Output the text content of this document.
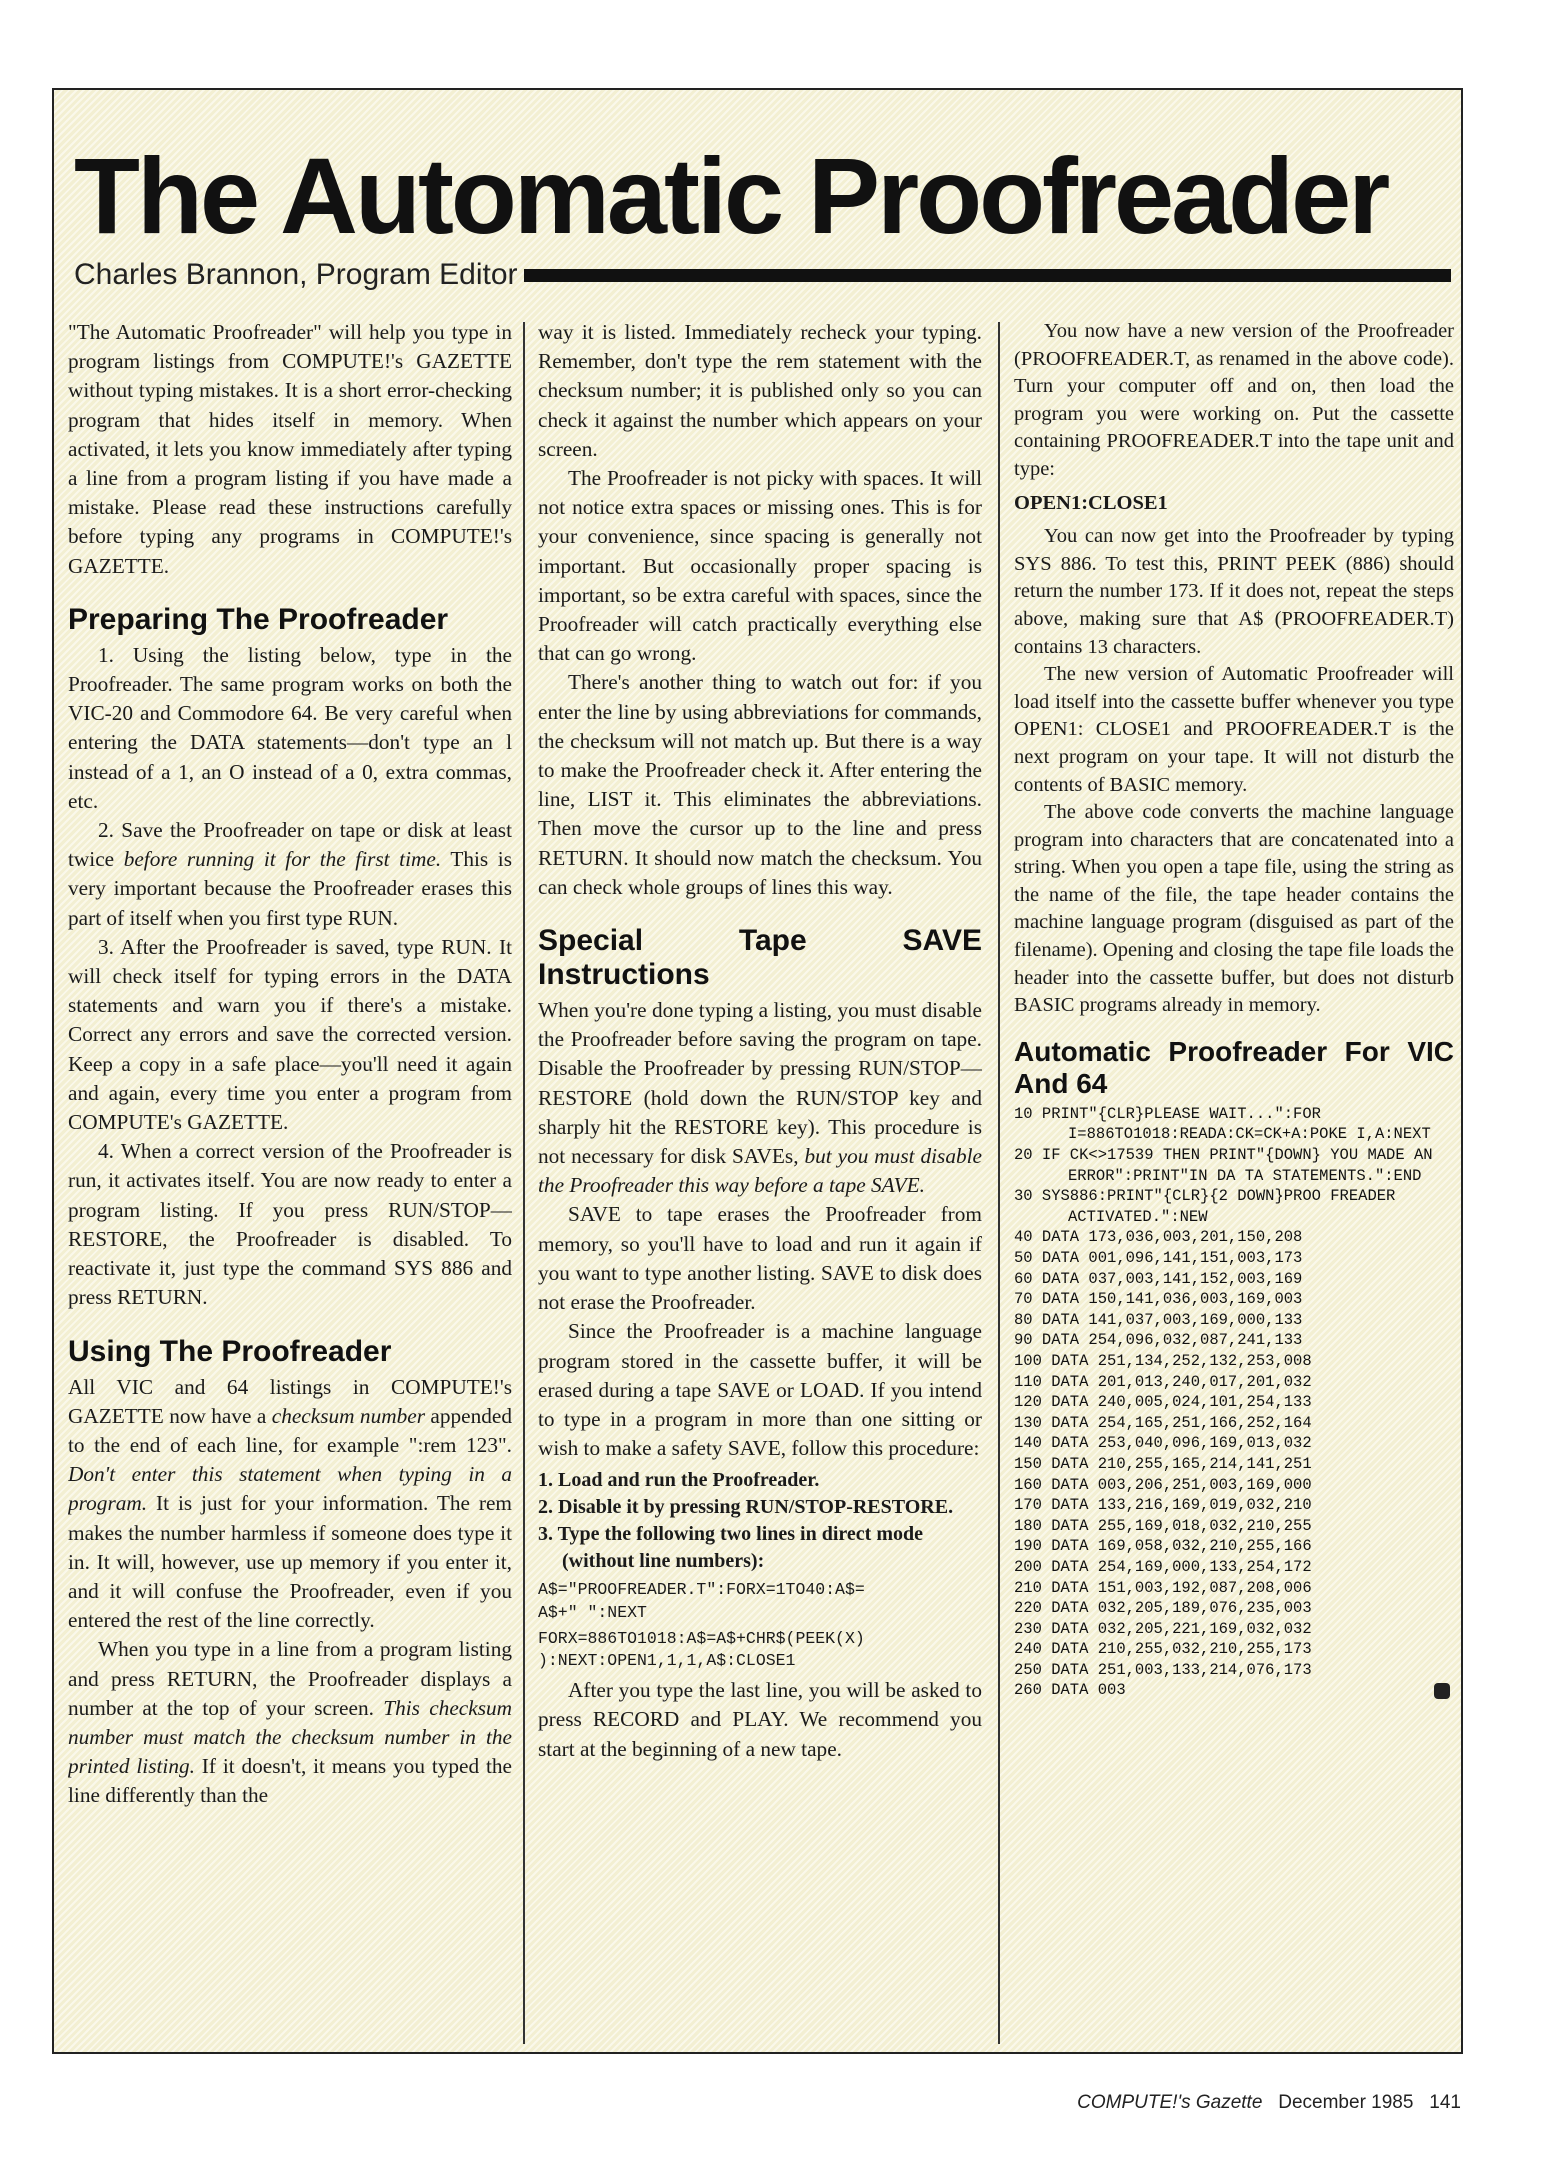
The Automatic Proofreader
Charles Brannon, Program Editor

"The Automatic Proofreader" will help you type in program listings from COMPUTE!'s GAZETTE without typing mistakes. It is a short error-checking program that hides itself in memory. When activated, it lets you know immediately after typing a line from a program listing if you have made a mistake. Please read these instructions carefully before typing any programs in COMPUTE!'s GAZETTE.

Preparing The Proofreader

1. Using the listing below, type in the Proofreader. The same program works on both the VIC-20 and Commodore 64. Be very careful when entering the DATA statements—don't type an l instead of a 1, an O instead of a 0, extra commas, etc.

2. Save the Proofreader on tape or disk at least twice before running it for the first time. This is very important because the Proofreader erases this part of itself when you first type RUN.

3. After the Proofreader is saved, type RUN. It will check itself for typing errors in the DATA statements and warn you if there's a mistake. Correct any errors and save the corrected version. Keep a copy in a safe place—you'll need it again and again, every time you enter a program from COMPUTE's GAZETTE.

4. When a correct version of the Proofreader is run, it activates itself. You are now ready to enter a program listing. If you press RUN/STOP—RESTORE, the Proofreader is disabled. To reactivate it, just type the command SYS 886 and press RETURN.

Using The Proofreader

All VIC and 64 listings in COMPUTE!'s GAZETTE now have a checksum number appended to the end of each line, for example ":rem 123". Don't enter this statement when typing in a program. It is just for your information. The rem makes the number harmless if someone does type it in. It will, however, use up memory if you enter it, and it will confuse the Proofreader, even if you entered the rest of the line correctly.

When you type in a line from a program listing and press RETURN, the Proofreader displays a number at the top of your screen. This checksum number must match the checksum number in the printed listing. If it doesn't, it means you typed the line differently than the

way it is listed. Immediately recheck your typing. Remember, don't type the rem statement with the checksum number; it is published only so you can check it against the number which appears on your screen.

The Proofreader is not picky with spaces. It will not notice extra spaces or missing ones. This is for your convenience, since spacing is generally not important. But occasionally proper spacing is important, so be extra careful with spaces, since the Proofreader will catch practically everything else that can go wrong.

There's another thing to watch out for: if you enter the line by using abbreviations for commands, the checksum will not match up. But there is a way to make the Proofreader check it. After entering the line, LIST it. This eliminates the abbreviations. Then move the cursor up to the line and press RETURN. It should now match the checksum. You can check whole groups of lines this way.

Special Tape SAVE Instructions

When you're done typing a listing, you must disable the Proofreader before saving the program on tape. Disable the Proofreader by pressing RUN/STOP—RESTORE (hold down the RUN/STOP key and sharply hit the RESTORE key). This procedure is not necessary for disk SAVEs, but you must disable the Proofreader this way before a tape SAVE.

SAVE to tape erases the Proofreader from memory, so you'll have to load and run it again if you want to type another listing. SAVE to disk does not erase the Proofreader.

Since the Proofreader is a machine language program stored in the cassette buffer, it will be erased during a tape SAVE or LOAD. If you intend to type in a program in more than one sitting or wish to make a safety SAVE, follow this procedure:

1. Load and run the Proofreader.
2. Disable it by pressing RUN/STOP-RESTORE.
3. Type the following two lines in direct mode (without line numbers):
A$="PROOFREADER.T":FORX=1TO40:A$=
A$+" ":NEXT
FORX=886TO1018:A$=A$+CHR$(PEEK(X)
):NEXT:OPEN1,1,1,A$:CLOSE1

After you type the last line, you will be asked to press RECORD and PLAY. We recommend you start at the beginning of a new tape.

You now have a new version of the Proofreader (PROOFREADER.T, as renamed in the above code). Turn your computer off and on, then load the program you were working on. Put the cassette containing PROOFREADER.T into the tape unit and type:

OPEN1:CLOSE1

You can now get into the Proofreader by typing SYS 886. To test this, PRINT PEEK (886) should return the number 173. If it does not, repeat the steps above, making sure that A$ (PROOFREADER.T) contains 13 characters.

The new version of Automatic Proofreader will load itself into the cassette buffer whenever you type OPEN1: CLOSE1 and PROOFREADER.T is the next program on your tape. It will not disturb the contents of BASIC memory.

The above code converts the machine language program into characters that are concatenated into a string. When you open a tape file, using the string as the name of the file, the tape header contains the machine language program (disguised as part of the filename). Opening and closing the tape file loads the header into the cassette buffer, but does not disturb BASIC programs already in memory.

Automatic Proofreader For VIC And 64
10 PRINT"{CLR}PLEASE WAIT...":FOR I=886TO1018:READA:CK=CK+A:POKE I,A:NEXT
20 IF CK<>17539 THEN PRINT"{DOWN} YOU MADE AN ERROR":PRINT"IN DA TA STATEMENTS.":END
30 SYS886:PRINT"{CLR}{2 DOWN}PROO FREADER ACTIVATED.":NEW
40 DATA 173,036,003,201,150,208
50 DATA 001,096,141,151,003,173
60 DATA 037,003,141,152,003,169
70 DATA 150,141,036,003,169,003
80 DATA 141,037,003,169,000,133
90 DATA 254,096,032,087,241,133
100 DATA 251,134,252,132,253,008
110 DATA 201,013,240,017,201,032
120 DATA 240,005,024,101,254,133
130 DATA 254,165,251,166,252,164
140 DATA 253,040,096,169,013,032
150 DATA 210,255,165,214,141,251
160 DATA 003,206,251,003,169,000
170 DATA 133,216,169,019,032,210
180 DATA 255,169,018,032,210,255
190 DATA 169,058,032,210,255,166
200 DATA 254,169,000,133,254,172
210 DATA 151,003,192,087,208,006
220 DATA 032,205,189,076,235,003
230 DATA 032,205,221,169,032,032
240 DATA 210,255,032,210,255,173
250 DATA 251,003,133,214,076,173
260 DATA 003
COMPUTE!'s Gazette December 1985 141
